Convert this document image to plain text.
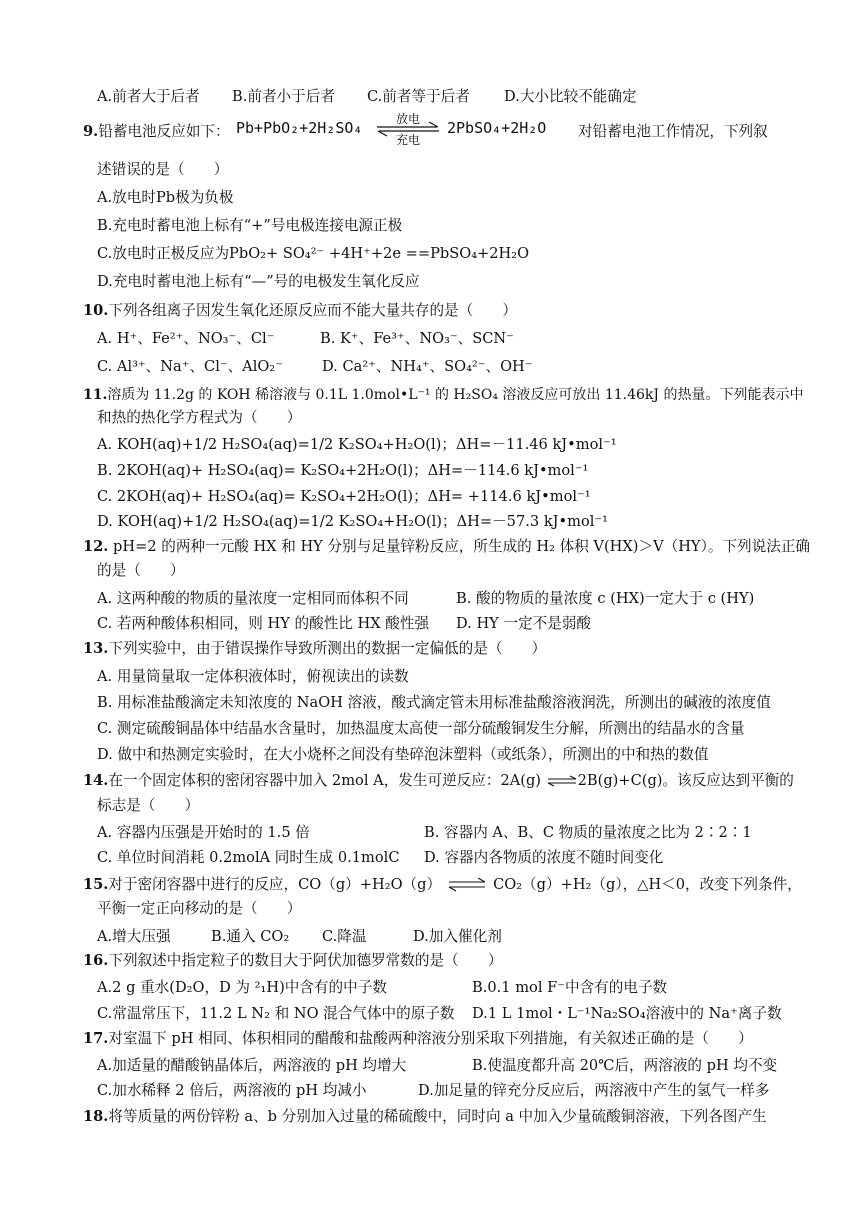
A.前者大于后者 B.前者小于后者 C.前者等于后者 D.大小比较不能确定
9.铅蓄电池反应如下： Pb+PbO₂+2H₂SO₄	放电
充电
2PbSO₄+2H₂O 对铅蓄电池工作情况，下列叙
述错误的是（　　）
A.放电时Pb极为负极
B.充电时蓄电池上标有“+”号电极连接电源正极
C.放电时正极反应为PbO₂+ SO₄²⁻ +4H⁺+2e ==PbSO₄+2H₂O
D.充电时蓄电池上标有“—”号的电极发生氧化反应
10.下列各组离子因发生氧化还原反应而不能大量共存的是（　　）
A. H⁺、Fe²⁺、NO₃⁻、Cl⁻	B. K⁺、Fe³⁺、NO₃⁻、SCN⁻
C. Al³⁺、Na⁺、Cl⁻、AlO₂⁻	D. Ca²⁺、NH₄⁺、SO₄²⁻、OH⁻
11.溶质为 11.2g 的 KOH 稀溶液与 0.1L 1.0mol•L⁻¹ 的 H₂SO₄ 溶液反应可放出 11.46kJ 的热量。下列能表示中
和热的热化学方程式为（　　）
A. KOH(aq)+1/2 H₂SO₄(aq)=1/2 K₂SO₄+H₂O(l)；ΔH=－11.46 kJ•mol⁻¹
B. 2KOH(aq)+ H₂SO₄(aq)= K₂SO₄+2H₂O(l)；ΔH=－114.6 kJ•mol⁻¹
C. 2KOH(aq)+ H₂SO₄(aq)= K₂SO₄+2H₂O(l)；ΔH= +114.6 kJ•mol⁻¹
D. KOH(aq)+1/2 H₂SO₄(aq)=1/2 K₂SO₄+H₂O(l)；ΔH=－57.3 kJ•mol⁻¹
12. pH=2 的两种一元酸 HX 和 HY 分别与足量锌粉反应，所生成的 H₂ 体积 V(HX)＞V（HY）。下列说法正确
的是（　　）
A. 这两种酸的物质的量浓度一定相同而体积不同	B. 酸的物质的量浓度 c (HX)一定大于 c (HY)
C. 若两种酸体积相同，则 HY 的酸性比 HX 酸性强 D. HY 一定不是弱酸
13.下列实验中，由于错误操作导致所测出的数据一定偏低的是（　　）
A. 用量筒量取一定体积液体时，俯视读出的读数
B. 用标准盐酸滴定未知浓度的 NaOH 溶液，酸式滴定管未用标准盐酸溶液润洗，所测出的碱液的浓度值
C. 测定硫酸铜晶体中结晶水含量时，加热温度太高使一部分硫酸铜发生分解，所测出的结晶水的含量
D. 做中和热测定实验时，在大小烧杯之间没有垫碎泡沫塑料（或纸条），所测出的中和热的数值
14.在一个固定体积的密闭容器中加入 2mol A，发生可逆反应：2A(g) ⇌2B(g)+C(g)。该反应达到平衡的
标志是（　　）
A. 容器内压强是开始时的 1.5 倍	B. 容器内 A、B、C 物质的量浓度之比为 2∶2∶1
C. 单位时间消耗 0.2molA 同时生成 0.1molC D. 容器内各物质的浓度不随时间变化
15.对于密闭容器中进行的反应，CO（g）+H₂O（g） ⇌ CO₂（g）+H₂（g），△H＜0，改变下列条件，
平衡一定正向移动的是（　　）
A.增大压强	B.通入 CO₂ C.降温	D.加入催化剂
16.下列叙述中指定粒子的数目大于阿伏加德罗常数的是（　　）
A.2 g 重水(D₂O，D 为 ²₁H)中含有的中子数	B.0.1 mol F⁻中含有的电子数
C.常温常压下，11.2 L N₂ 和 NO 混合气体中的原子数 D.1 L 1mol・L⁻¹Na₂SO₄溶液中的 Na⁺离子数
17.对室温下 pH 相同、体积相同的醋酸和盐酸两种溶液分别采取下列措施，有关叙述正确的是（　　）
A.加适量的醋酸钠晶体后，两溶液的 pH 均增大	B.使温度都升高 20℃后，两溶液的 pH 均不变
C.加水稀释 2 倍后，两溶液的 pH 均减小	D.加足量的锌充分反应后，两溶液中产生的氢气一样多
18.将等质量的两份锌粉 a、b 分别加入过量的稀硫酸中，同时向 a 中加入少量硫酸铜溶液，下列各图产生
